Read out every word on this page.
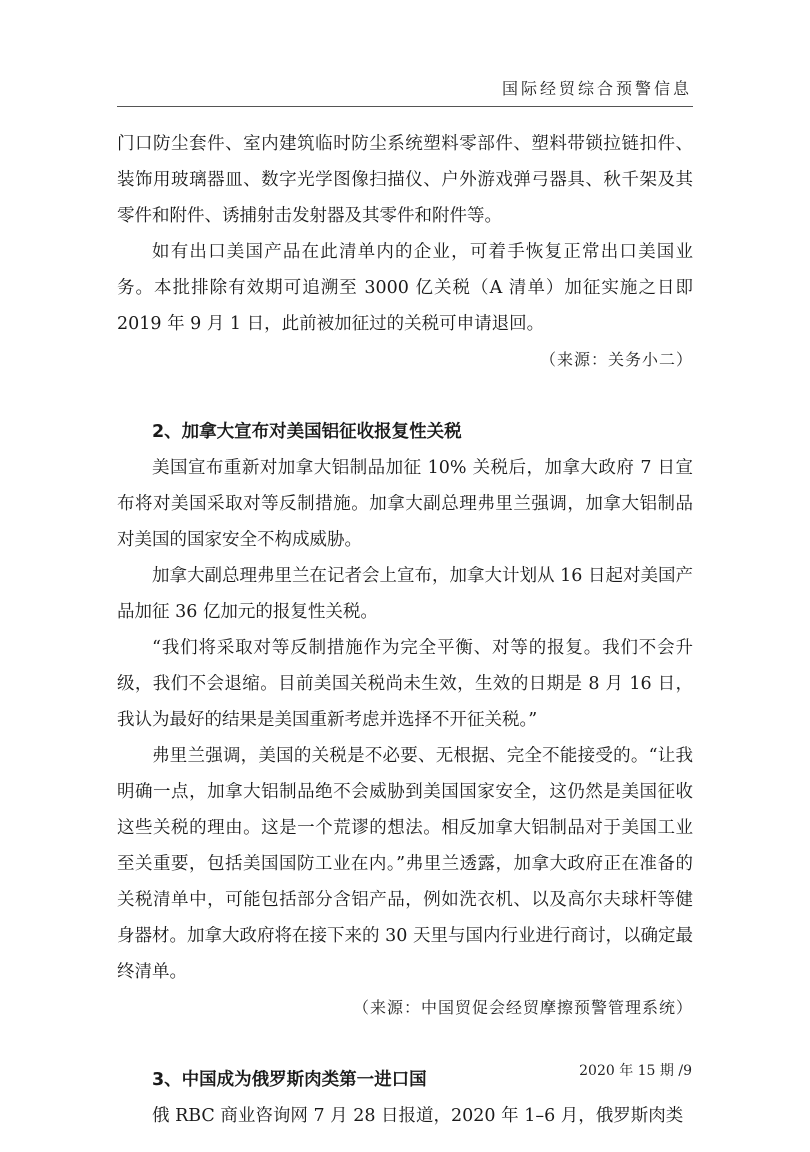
国际经贸综合预警信息

门口防尘套件、室内建筑临时防尘系统塑料零部件、塑料带锁拉链扣件、装饰用玻璃器皿、数字光学图像扫描仪、户外游戏弹弓器具、秋千架及其零件和附件、诱捕射击发射器及其零件和附件等。

如有出口美国产品在此清单内的企业，可着手恢复正常出口美国业务。本批排除有效期可追溯至 3000 亿关税（A 清单）加征实施之日即 2019 年 9 月 1 日，此前被加征过的关税可申请退回。

（来源：关务小二）

2、加拿大宣布对美国铝征收报复性关税

美国宣布重新对加拿大铝制品加征 10% 关税后，加拿大政府 7 日宣布将对美国采取对等反制措施。加拿大副总理弗里兰强调，加拿大铝制品对美国的国家安全不构成威胁。

加拿大副总理弗里兰在记者会上宣布，加拿大计划从 16 日起对美国产品加征 36 亿加元的报复性关税。

“我们将采取对等反制措施作为完全平衡、对等的报复。我们不会升级，我们不会退缩。目前美国关税尚未生效，生效的日期是 8 月 16 日，我认为最好的结果是美国重新考虑并选择不开征关税。”

弗里兰强调，美国的关税是不必要、无根据、完全不能接受的。“让我明确一点，加拿大铝制品绝不会威胁到美国国家安全，这仍然是美国征收这些关税的理由。这是一个荒谬的想法。相反加拿大铝制品对于美国工业至关重要，包括美国国防工业在内。”弗里兰透露，加拿大政府正在准备的关税清单中，可能包括部分含铝产品，例如洗衣机、以及高尔夫球杆等健身器材。加拿大政府将在接下来的 30 天里与国内行业进行商讨，以确定最终清单。

（来源：中国贸促会经贸摩擦预警管理系统）

3、中国成为俄罗斯肉类第一进口国

俄 RBC 商业咨询网 7 月 28 日报道，2020 年 1–6 月，俄罗斯肉类

2020 年 15 期 /9
